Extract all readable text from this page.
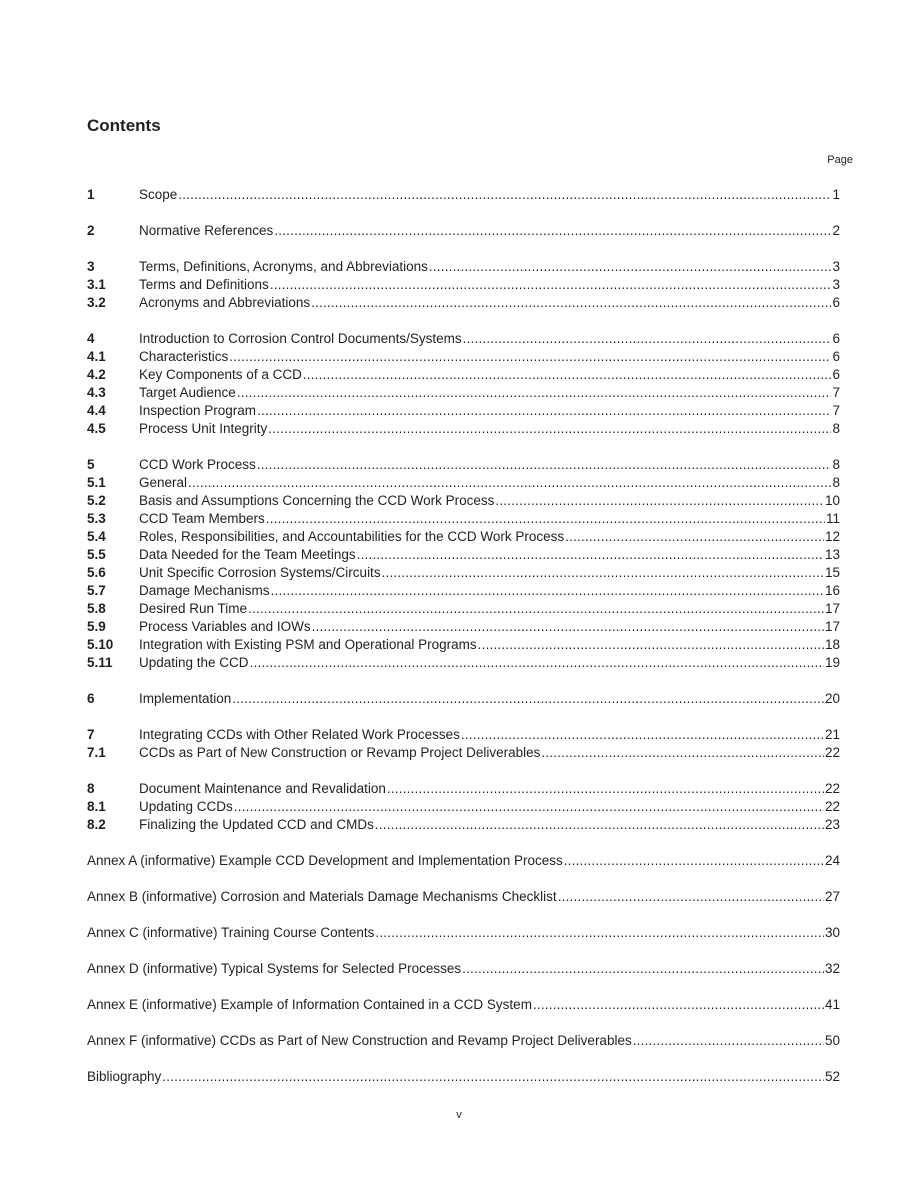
Contents
Page
1	Scope .....	1
2	Normative References .....	2
3	Terms, Definitions, Acronyms, and Abbreviations .....	3
3.1	Terms and Definitions .....	3
3.2	Acronyms and Abbreviations .....	6
4	Introduction to Corrosion Control Documents/Systems .....	6
4.1	Characteristics .....	6
4.2	Key Components of a CCD .....	6
4.3	Target Audience .....	7
4.4	Inspection Program .....	7
4.5	Process Unit Integrity .....	8
5	CCD Work Process .....	8
5.1	General .....	8
5.2	Basis and Assumptions Concerning the CCD Work Process .....	10
5.3	CCD Team Members .....	11
5.4	Roles, Responsibilities, and Accountabilities for the CCD Work Process .....	12
5.5	Data Needed for the Team Meetings .....	13
5.6	Unit Specific Corrosion Systems/Circuits .....	15
5.7	Damage Mechanisms .....	16
5.8	Desired Run Time .....	17
5.9	Process Variables and IOWs .....	17
5.10	Integration with Existing PSM and Operational Programs .....	18
5.11	Updating the CCD .....	19
6	Implementation .....	20
7	Integrating CCDs with Other Related Work Processes .....	21
7.1	CCDs as Part of New Construction or Revamp Project Deliverables .....	22
8	Document Maintenance and Revalidation .....	22
8.1	Updating CCDs .....	22
8.2	Finalizing the Updated CCD and CMDs .....	23
Annex A (informative) Example CCD Development and Implementation Process .....	24
Annex B (informative) Corrosion and Materials Damage Mechanisms Checklist .....	27
Annex C (informative) Training Course Contents .....	30
Annex D (informative) Typical Systems for Selected Processes .....	32
Annex E (informative) Example of Information Contained in a CCD System .....	41
Annex F (informative) CCDs as Part of New Construction and Revamp Project Deliverables .....	50
Bibliography .....	52
v
